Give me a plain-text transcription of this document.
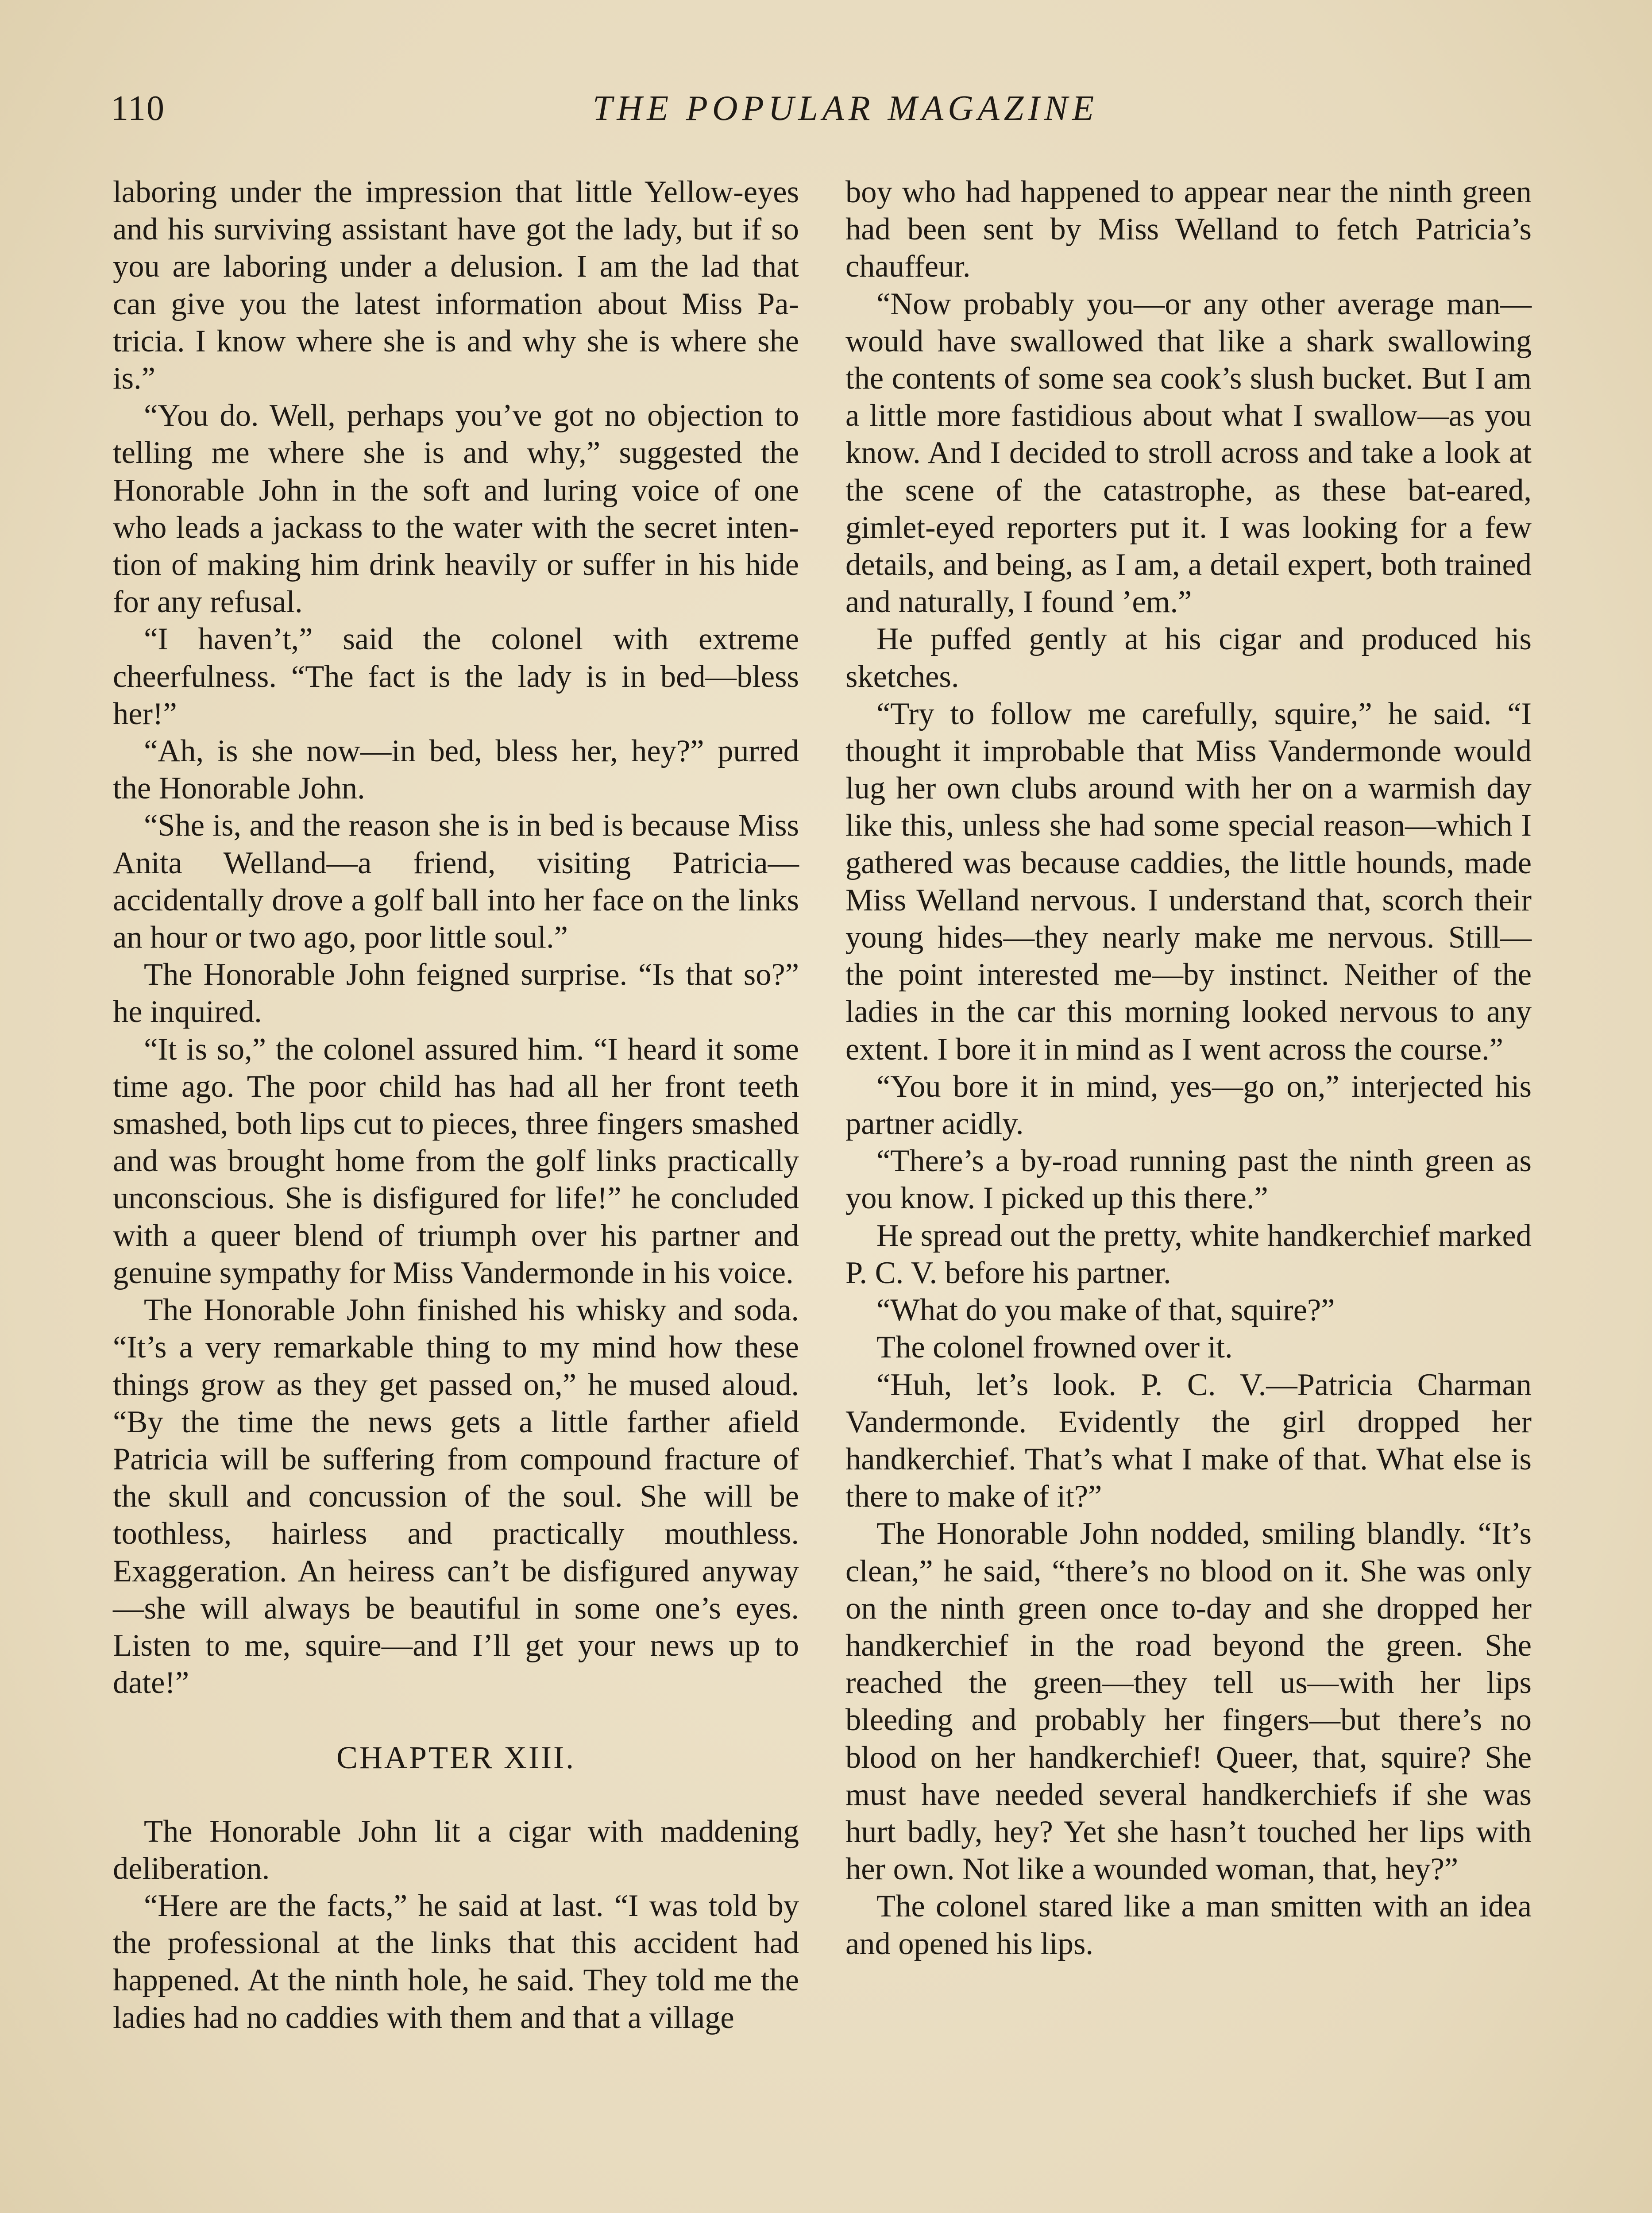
110	THE POPULAR MAGAZINE

laboring under the impression that little Yellow-eyes and his surviving assistant have got the lady, but if so you are laboring under a delusion. I am the lad that can give you the latest information about Miss Patricia. I know where she is and why she is where she is.”

“You do. Well, perhaps you’ve got no objection to telling me where she is and why,” suggested the Honorable John in the soft and luring voice of one who leads a jackass to the water with the secret intention of making him drink heavily or suffer in his hide for any refusal.

“I haven’t,” said the colonel with extreme cheerfulness. “The fact is the lady is in bed—bless her!”

“Ah, is she now—in bed, bless her, hey?” purred the Honorable John.

“She is, and the reason she is in bed is because Miss Anita Welland—a friend, visiting Patricia—accidentally drove a golf ball into her face on the links an hour or two ago, poor little soul.”

The Honorable John feigned surprise. “Is that so?” he inquired.

“It is so,” the colonel assured him. “I heard it some time ago. The poor child has had all her front teeth smashed, both lips cut to pieces, three fingers smashed and was brought home from the golf links practically unconscious. She is disfigured for life!” he concluded with a queer blend of triumph over his partner and genuine sympathy for Miss Vandermonde in his voice.

The Honorable John finished his whisky and soda. “It’s a very remarkable thing to my mind how these things grow as they get passed on,” he mused aloud. “By the time the news gets a little farther afield Patricia will be suffering from compound fracture of the skull and concussion of the soul. She will be toothless, hairless and practically mouthless. Exaggeration. An heiress can’t be disfigured anyway—she will always be beautiful in some one’s eyes. Listen to me, squire—and I’ll get your news up to date!”

CHAPTER XIII.

The Honorable John lit a cigar with maddening deliberation.

“Here are the facts,” he said at last. “I was told by the professional at the links that this accident had happened. At the ninth hole, he said. They told me the ladies had no caddies with them and that a village

boy who had happened to appear near the ninth green had been sent by Miss Welland to fetch Patricia’s chauffeur.

“Now probably you—or any other average man—would have swallowed that like a shark swallowing the contents of some sea cook’s slush bucket. But I am a little more fastidious about what I swallow—as you know. And I decided to stroll across and take a look at the scene of the catastrophe, as these bat-eared, gimlet-eyed reporters put it. I was looking for a few details, and being, as I am, a detail expert, both trained and naturally, I found ’em.”

He puffed gently at his cigar and produced his sketches.

“Try to follow me carefully, squire,” he said. “I thought it improbable that Miss Vandermonde would lug her own clubs around with her on a warmish day like this, unless she had some special reason—which I gathered was because caddies, the little hounds, made Miss Welland nervous. I understand that, scorch their young hides—they nearly make me nervous. Still—the point interested me—by instinct. Neither of the ladies in the car this morning looked nervous to any extent. I bore it in mind as I went across the course.”

“You bore it in mind, yes—go on,” interjected his partner acidly.

“There’s a by-road running past the ninth green as you know. I picked up this there.”

He spread out the pretty, white handkerchief marked P. C. V. before his partner.

“What do you make of that, squire?”

The colonel frowned over it.

“Huh, let’s look. P. C. V.—Patricia Charman Vandermonde. Evidently the girl dropped her handkerchief. That’s what I make of that. What else is there to make of it?”

The Honorable John nodded, smiling blandly. “It’s clean,” he said, “there’s no blood on it. She was only on the ninth green once to-day and she dropped her handkerchief in the road beyond the green. She reached the green—they tell us—with her lips bleeding and probably her fingers—but there’s no blood on her handkerchief! Queer, that, squire? She must have needed several handkerchiefs if she was hurt badly, hey? Yet she hasn’t touched her lips with her own. Not like a wounded woman, that, hey?”

The colonel stared like a man smitten with an idea and opened his lips.
